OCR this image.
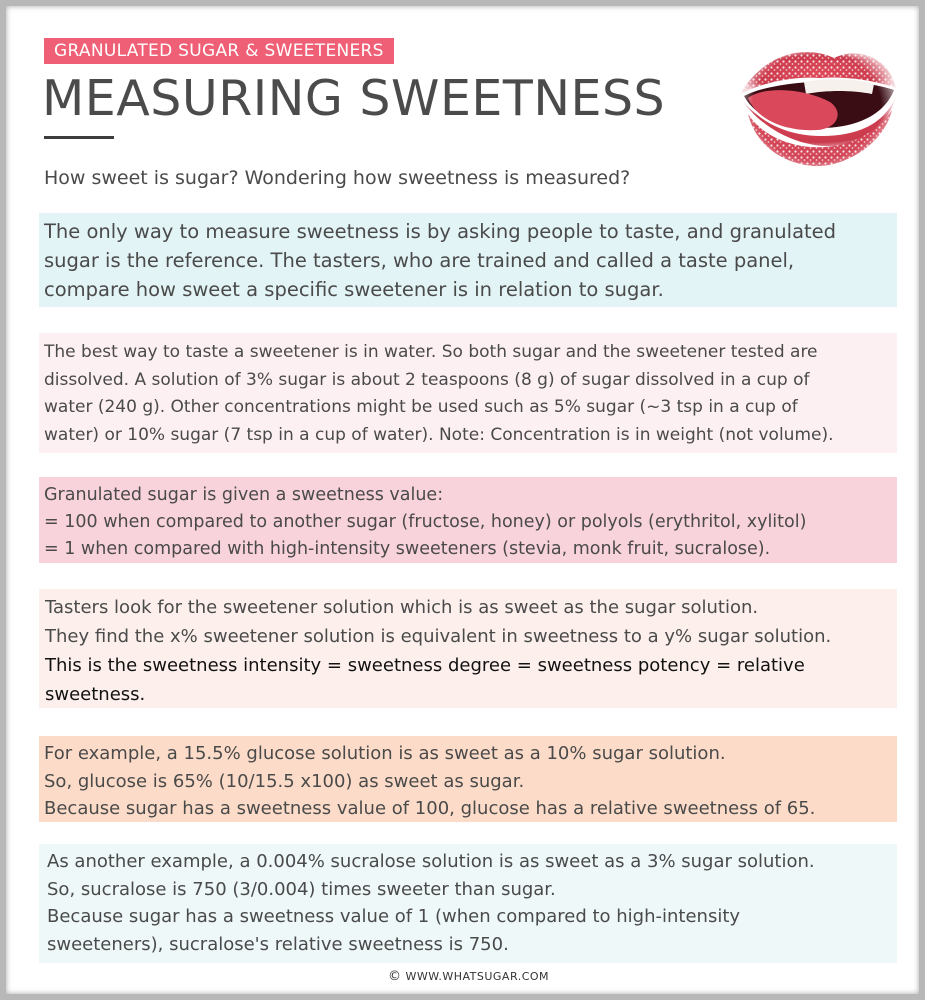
GRANULATED SUGAR & SWEETENERS
MEASURING SWEETNESS
How sweet is sugar? Wondering how sweetness is measured?
The only way to measure sweetness is by asking people to taste, and granulated
sugar is the reference. The tasters, who are trained and called a taste panel,
compare how sweet a specific sweetener is in relation to sugar.
The best way to taste a sweetener is in water. So both sugar and the sweetener tested are
dissolved. A solution of 3% sugar is about 2 teaspoons (8 g) of sugar dissolved in a cup of
water (240 g). Other concentrations might be used such as 5% sugar (~3 tsp in a cup of
water) or 10% sugar (7 tsp in a cup of water). Note: Concentration is in weight (not volume).
Granulated sugar is given a sweetness value:
= 100 when compared to another sugar (fructose, honey) or polyols (erythritol, xylitol)
= 1 when compared with high-intensity sweeteners (stevia, monk fruit, sucralose).
Tasters look for the sweetener solution which is as sweet as the sugar solution.
They find the x% sweetener solution is equivalent in sweetness to a y% sugar solution.
This is the sweetness intensity = sweetness degree = sweetness potency = relative
sweetness.
For example, a 15.5% glucose solution is as sweet as a 10% sugar solution.
So, glucose is 65% (10/15.5 x100) as sweet as sugar.
Because sugar has a sweetness value of 100, glucose has a relative sweetness of 65.
As another example, a 0.004% sucralose solution is as sweet as a 3% sugar solution.
So, sucralose is 750 (3/0.004) times sweeter than sugar.
Because sugar has a sweetness value of 1 (when compared to high-intensity
sweeteners), sucralose's relative sweetness is 750.
© WWW.WHATSUGAR.COM
